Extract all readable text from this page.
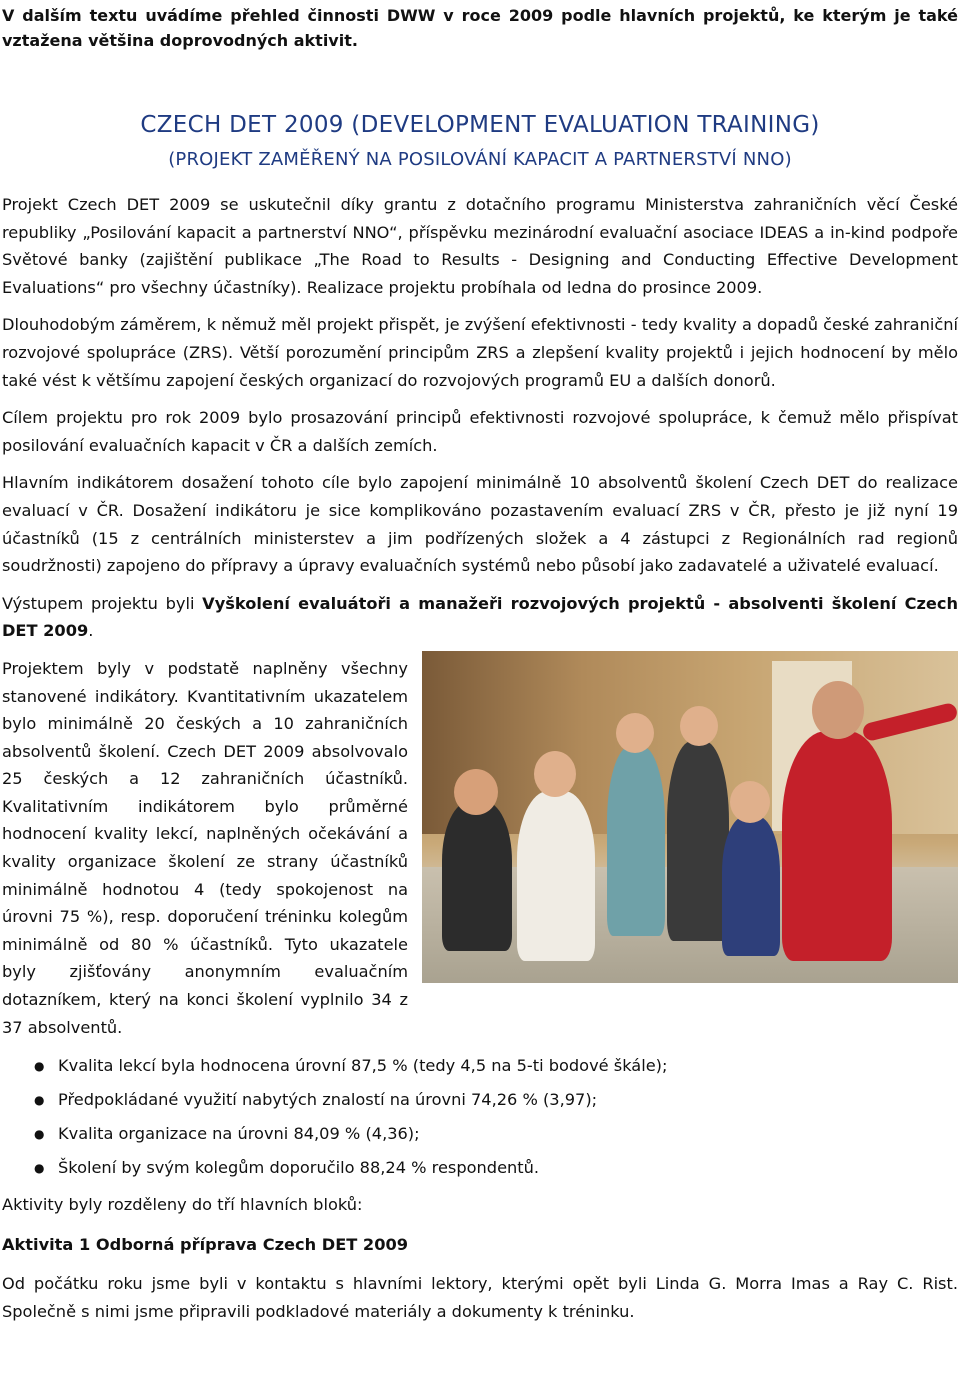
V dalším textu uvádíme přehled činnosti DWW v roce 2009 podle hlavních projektů, ke kterým je také vztažena většina doprovodných aktivit.

CZECH DET 2009 (DEVELOPMENT EVALUATION TRAINING)
(PROJEKT ZAMĚŘENÝ NA POSILOVÁNÍ KAPACIT A PARTNERSTVÍ NNO)

Projekt Czech DET 2009 se uskutečnil díky grantu z dotačního programu Ministerstva zahraničních věcí České republiky „Posilování kapacit a partnerství NNO“, příspěvku mezinárodní evaluační asociace IDEAS a in-kind podpoře Světové banky (zajištění publikace „The Road to Results - Designing and Conducting Effective Development Evaluations“ pro všechny účastníky). Realizace projektu probíhala od ledna do prosince 2009.

Dlouhodobým záměrem, k němuž měl projekt přispět, je zvýšení efektivnosti - tedy kvality a dopadů české zahraniční rozvojové spolupráce (ZRS). Větší porozumění principům ZRS a zlepšení kvality projektů i jejich hodnocení by mělo také vést k většímu zapojení českých organizací do rozvojových programů EU a dalších donorů.

Cílem projektu pro rok 2009 bylo prosazování principů efektivnosti rozvojové spolupráce, k čemuž mělo přispívat posilování evaluačních kapacit v ČR a dalších zemích.

Hlavním indikátorem dosažení tohoto cíle bylo zapojení minimálně 10 absolventů školení Czech DET do realizace evaluací v ČR. Dosažení indikátoru je sice komplikováno pozastavením evaluací ZRS v ČR, přesto je již nyní 19 účastníků (15 z centrálních ministerstev a jim podřízených složek a 4 zástupci z Regionálních rad regionů soudržnosti) zapojeno do přípravy a úpravy evaluačních systémů nebo působí jako zadavatelé a uživatelé evaluací.

Výstupem projektu byli Vyškolení evaluátoři a manažeři rozvojových projektů - absolventi školení Czech DET 2009.

Projektem byly v podstatě naplněny všechny stanovené indikátory. Kvantitativním ukazatelem bylo minimálně 20 českých a 10 zahraničních absolventů školení. Czech DET 2009 absolvovalo 25 českých a 12 zahraničních účastníků. Kvalitativním indikátorem bylo průměrné hodnocení kvality lekcí, naplněných očekávání a kvality organizace školení ze strany účastníků minimálně hodnotou 4 (tedy spokojenost na úrovni 75 %), resp. doporučení tréninku kolegům minimálně od 80 % účastníků. Tyto ukazatele byly zjišťovány anonymním evaluačním dotazníkem, který na konci školení vyplnilo 34 z 37 absolventů.

● Kvalita lekcí byla hodnocena úrovní 87,5 % (tedy 4,5 na 5-ti bodové škále);
● Předpokládané využití nabytých znalostí na úrovni 74,26 % (3,97);
● Kvalita organizace na úrovni 84,09 % (4,36);
● Školení by svým kolegům doporučilo 88,24 % respondentů.

Aktivity byly rozděleny do tří hlavních bloků:

Aktivita 1 Odborná příprava Czech DET 2009

Od počátku roku jsme byli v kontaktu s hlavními lektory, kterými opět byli Linda G. Morra Imas a Ray C. Rist. Společně s nimi jsme připravili podkladové materiály a dokumenty k tréninku.
